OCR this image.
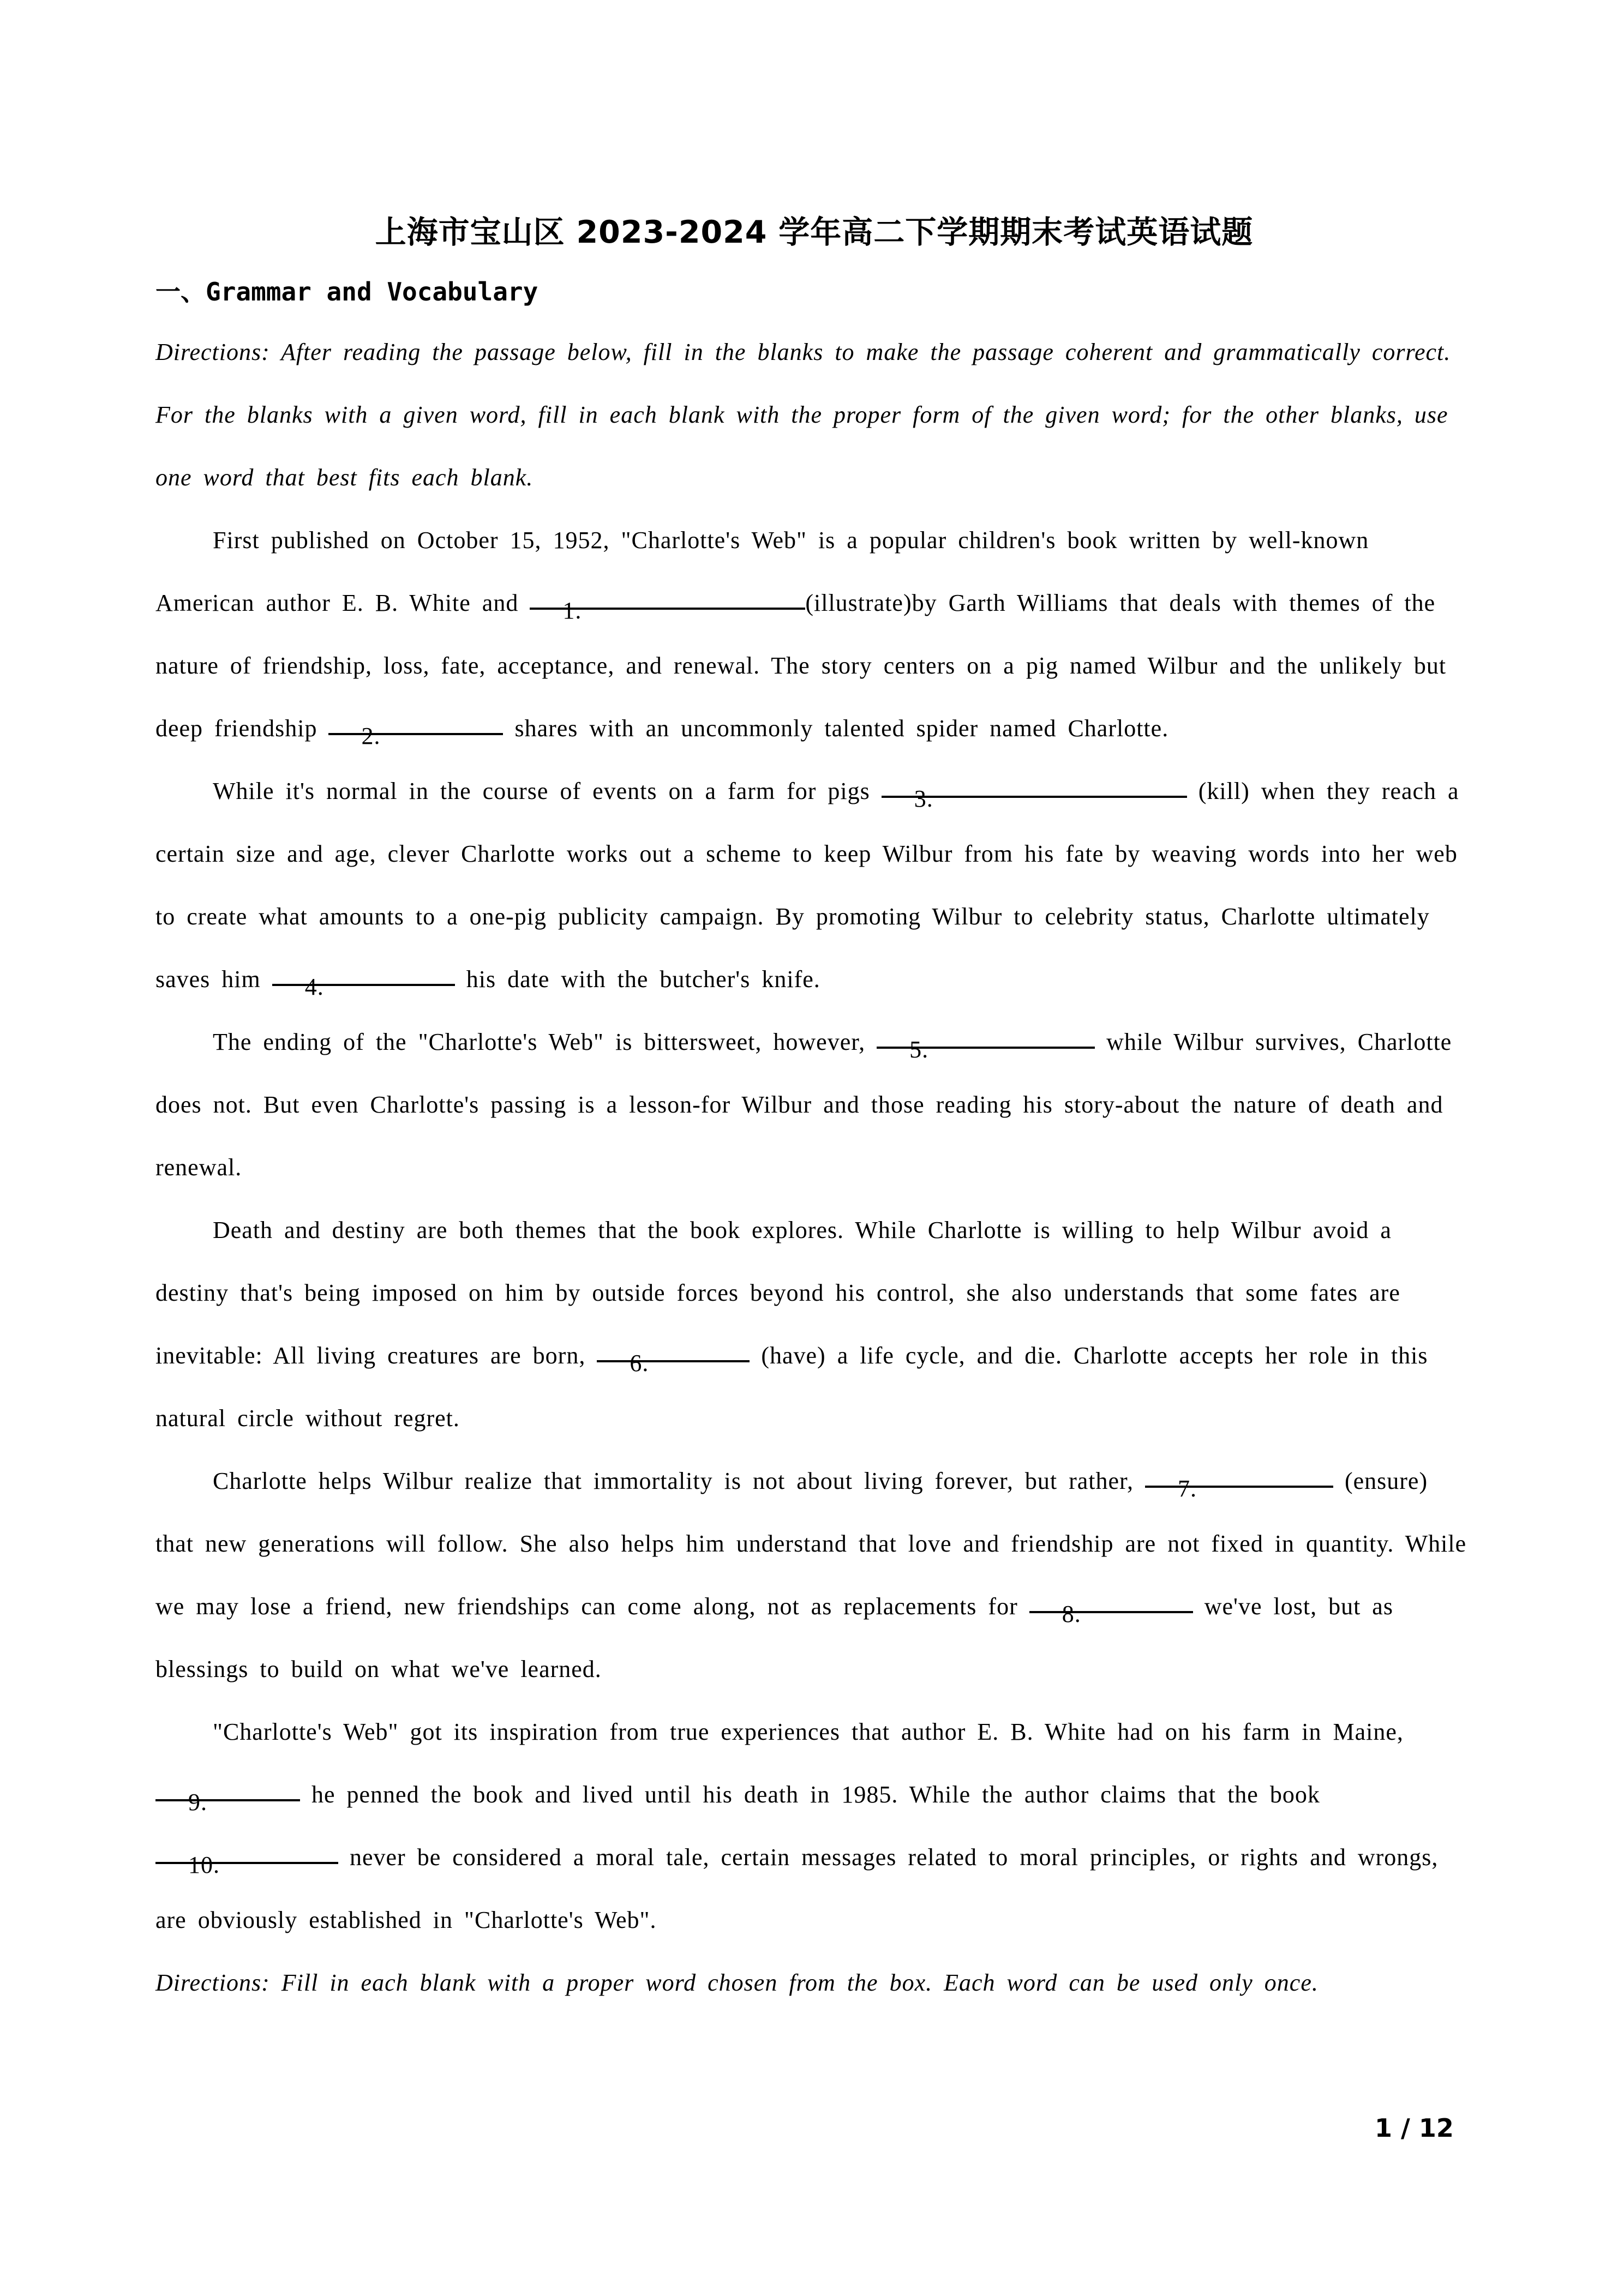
上海市宝山区 2023-2024 学年高二下学期期末考试英语试题
一、Grammar and Vocabulary

Directions: After reading the passage below, fill in the blanks to make the passage coherent and grammatically correct. For the blanks with a given word, fill in each blank with the proper form of the given word; for the other blanks, use one word that best fits each blank.

First published on October 15, 1952, "Charlotte's Web" is a popular children's book written by well-known American author E. B. White and 1.	(illustrate)by Garth Williams that deals with themes of the nature of friendship, loss, fate, acceptance, and renewal. The story centers on a pig named Wilbur and the unlikely but deep friendship 2.	shares with an uncommonly talented spider named Charlotte.

While it's normal in the course of events on a farm for pigs 3.	(kill) when they reach a certain size and age, clever Charlotte works out a scheme to keep Wilbur from his fate by weaving words into her web to create what amounts to a one-pig publicity campaign. By promoting Wilbur to celebrity status, Charlotte ultimately saves him 4.	his date with the butcher's knife.

The ending of the "Charlotte's Web" is bittersweet, however, 5.	while Wilbur survives, Charlotte does not. But even Charlotte's passing is a lesson-for Wilbur and those reading his story-about the nature of death and renewal.

Death and destiny are both themes that the book explores. While Charlotte is willing to help Wilbur avoid a destiny that's being imposed on him by outside forces beyond his control, she also understands that some fates are inevitable: All living creatures are born, 6.	(have) a life cycle, and die. Charlotte accepts her role in this natural circle without regret.

Charlotte helps Wilbur realize that immortality is not about living forever, but rather, 7.	(ensure) that new generations will follow. She also helps him understand that love and friendship are not fixed in quantity. While we may lose a friend, new friendships can come along, not as replacements for 8.	we've lost, but as blessings to build on what we've learned.

"Charlotte's Web" got its inspiration from true experiences that author E. B. White had on his farm in Maine, 9.	he penned the book and lived until his death in 1985. While the author claims that the book 10.	never be considered a moral tale, certain messages related to moral principles, or rights and wrongs, are obviously established in "Charlotte's Web".

Directions: Fill in each blank with a proper word chosen from the box. Each word can be used only once.

1 / 12
